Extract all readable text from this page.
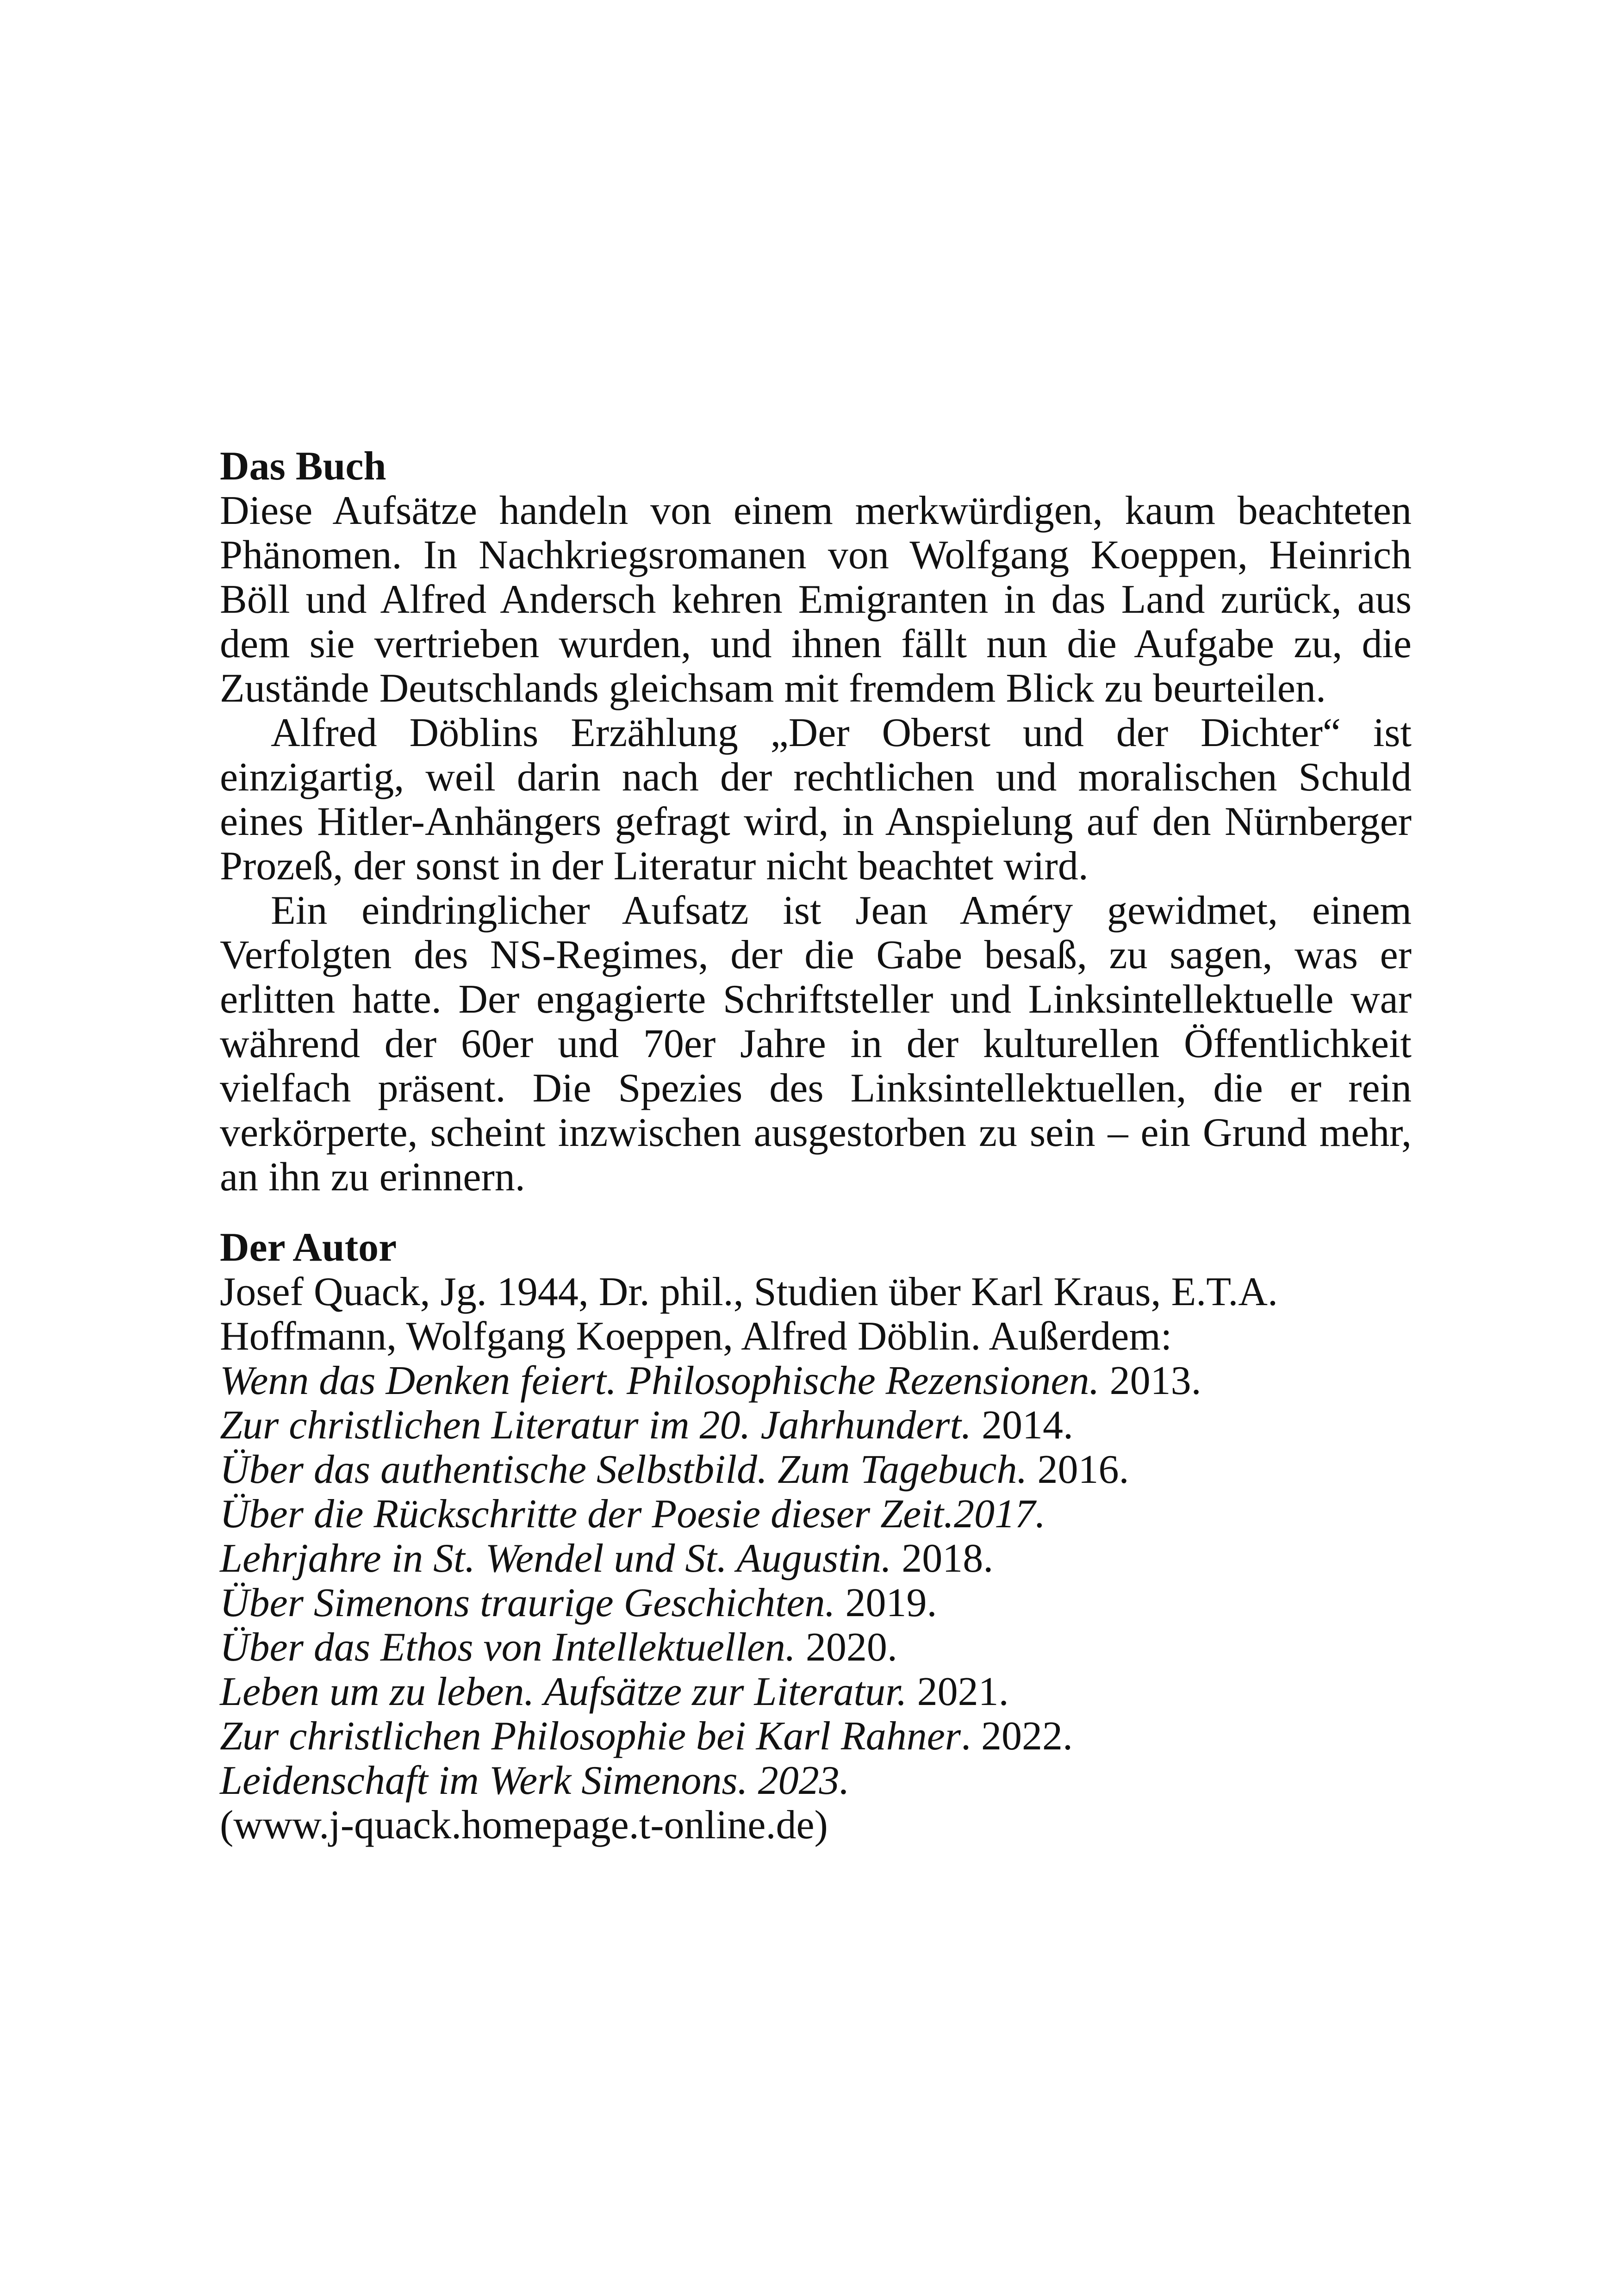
Das Buch

Diese Aufsätze handeln von einem merkwürdigen, kaum beachteten Phänomen. In Nachkriegsromanen von Wolfgang Koeppen, Heinrich Böll und Alfred Andersch kehren Emigranten in das Land zurück, aus dem sie vertrieben wurden, und ihnen fällt nun die Aufgabe zu, die Zustände Deutschlands gleichsam mit fremdem Blick zu beurteilen.

Alfred Döblins Erzählung „Der Oberst und der Dichter“ ist einzigartig, weil darin nach der rechtlichen und moralischen Schuld eines Hitler-Anhängers gefragt wird, in Anspielung auf den Nürnberger Prozeß, der sonst in der Literatur nicht beachtet wird.

Ein eindringlicher Aufsatz ist Jean Améry gewidmet, einem Verfolgten des NS-Regimes, der die Gabe besaß, zu sagen, was er erlitten hatte. Der engagierte Schriftsteller und Linksintellektuelle war während der 60er und 70er Jahre in der kulturellen Öffentlichkeit vielfach präsent. Die Spezies des Linksintellektuellen, die er rein verkörperte, scheint inzwischen ausgestorben zu sein – ein Grund mehr, an ihn zu erinnern.

Der Autor
Josef Quack, Jg. 1944, Dr. phil., Studien über Karl Kraus, E.T.A.
Hoffmann, Wolfgang Koeppen, Alfred Döblin. Außerdem:
Wenn das Denken feiert. Philosophische Rezensionen. 2013.
Zur christlichen Literatur im 20. Jahrhundert. 2014.
Über das authentische Selbstbild. Zum Tagebuch. 2016.
Über die Rückschritte der Poesie dieser Zeit.2017.
Lehrjahre in St. Wendel und St. Augustin. 2018.
Über Simenons traurige Geschichten. 2019.
Über das Ethos von Intellektuellen. 2020.
Leben um zu leben. Aufsätze zur Literatur. 2021.
Zur christlichen Philosophie bei Karl Rahner. 2022.
Leidenschaft im Werk Simenons. 2023.
(www.j-quack.homepage.t-online.de)
